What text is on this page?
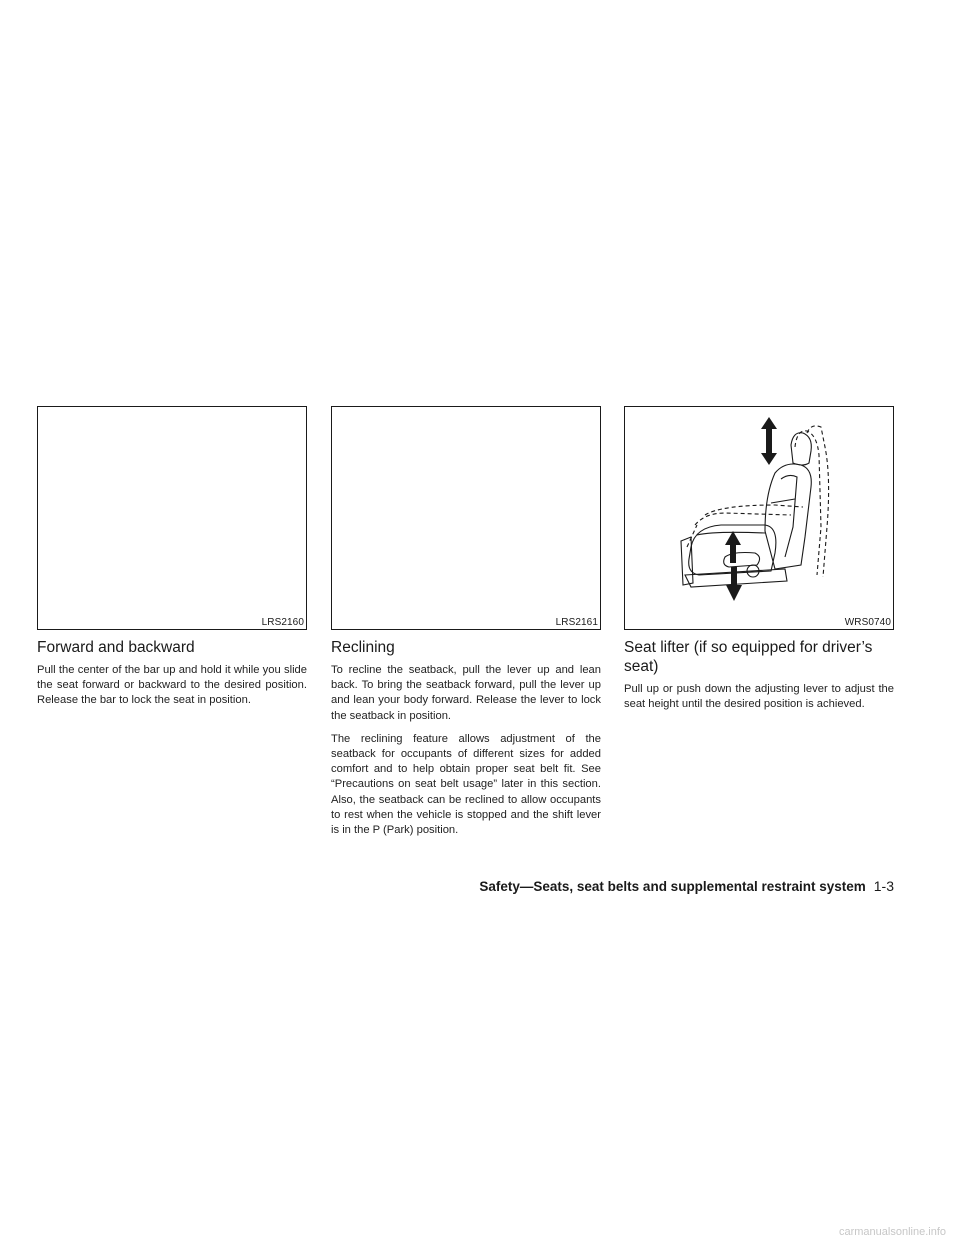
LRS2160
Forward and backward

Pull the center of the bar up and hold it while you slide the seat forward or backward to the desired position. Release the bar to lock the seat in position.

LRS2161
Reclining

To recline the seatback, pull the lever up and lean back. To bring the seatback forward, pull the lever up and lean your body forward. Release the lever to lock the seatback in position.

The reclining feature allows adjustment of the seatback for occupants of different sizes for added comfort and to help obtain proper seat belt fit. See “Precautions on seat belt usage” later in this section. Also, the seatback can be reclined to allow occupants to rest when the vehicle is stopped and the shift lever is in the P (Park) position.

WRS0740
Seat lifter (if so equipped for driver’s seat)

Pull up or push down the adjusting lever to adjust the seat height until the desired position is achieved.

Safety—Seats, seat belts and supplemental restraint system 1-3
carmanualsonline.info
